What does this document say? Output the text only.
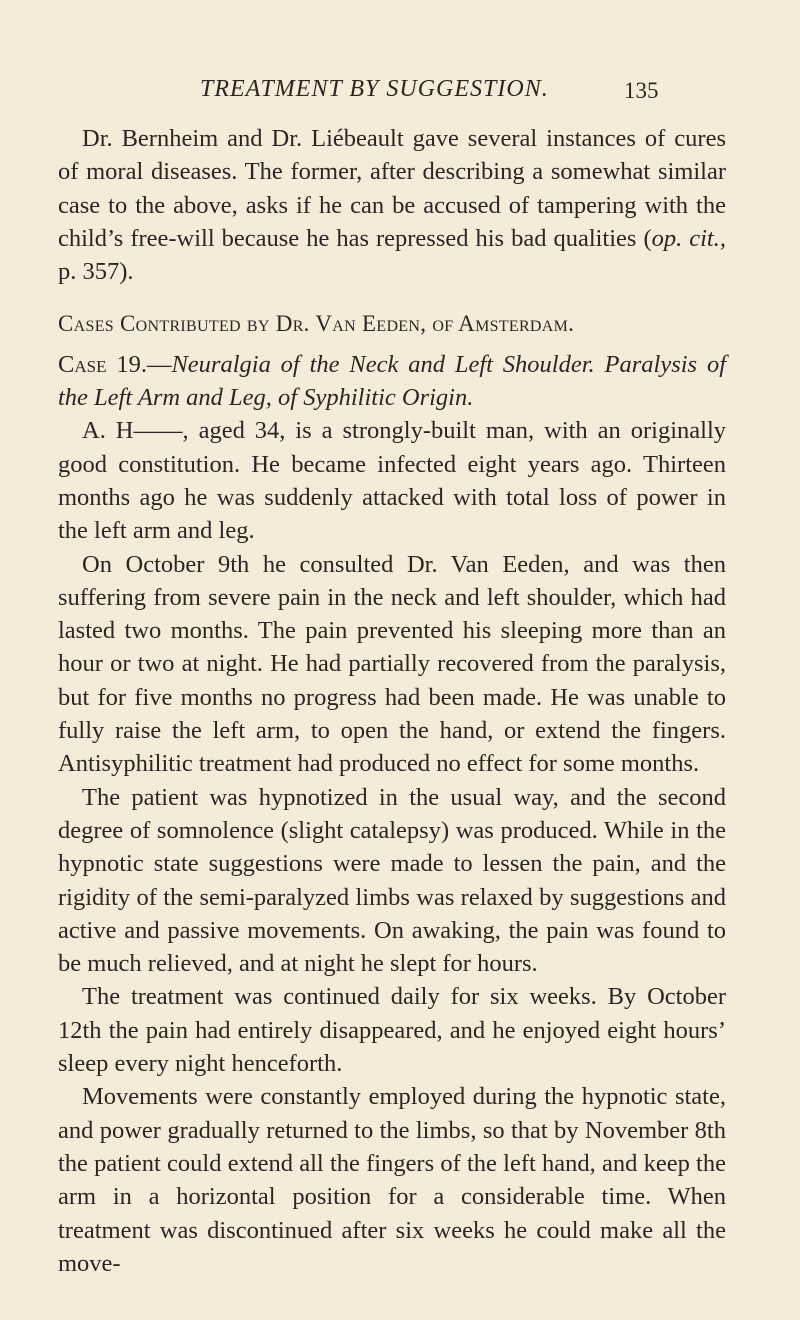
TREATMENT BY SUGGESTION.	135

Dr. Bernheim and Dr. Liébeault gave several instances of cures of moral diseases. The former, after describing a somewhat similar case to the above, asks if he can be accused of tampering with the child’s free-will because he has repressed his bad qualities (op. cit., p. 357).

Cases Contributed by Dr. Van Eeden, of Amsterdam.

Case 19.—Neuralgia of the Neck and Left Shoulder. Paralysis of the Left Arm and Leg, of Syphilitic Origin.

A. H——, aged 34, is a strongly-built man, with an originally good constitution. He became infected eight years ago. Thirteen months ago he was suddenly attacked with total loss of power in the left arm and leg.

On October 9th he consulted Dr. Van Eeden, and was then suffering from severe pain in the neck and left shoulder, which had lasted two months. The pain prevented his sleeping more than an hour or two at night. He had partially recovered from the paralysis, but for five months no progress had been made. He was unable to fully raise the left arm, to open the hand, or extend the fingers. Antisyphilitic treatment had produced no effect for some months.

The patient was hypnotized in the usual way, and the second degree of somnolence (slight catalepsy) was produced. While in the hypnotic state suggestions were made to lessen the pain, and the rigidity of the semi-paralyzed limbs was relaxed by suggestions and active and passive movements. On awaking, the pain was found to be much relieved, and at night he slept for hours.

The treatment was continued daily for six weeks. By October 12th the pain had entirely disappeared, and he enjoyed eight hours’ sleep every night henceforth.

Movements were constantly employed during the hypnotic state, and power gradually returned to the limbs, so that by November 8th the patient could extend all the fingers of the left hand, and keep the arm in a horizontal position for a considerable time. When treatment was discontinued after six weeks he could make all the move-
